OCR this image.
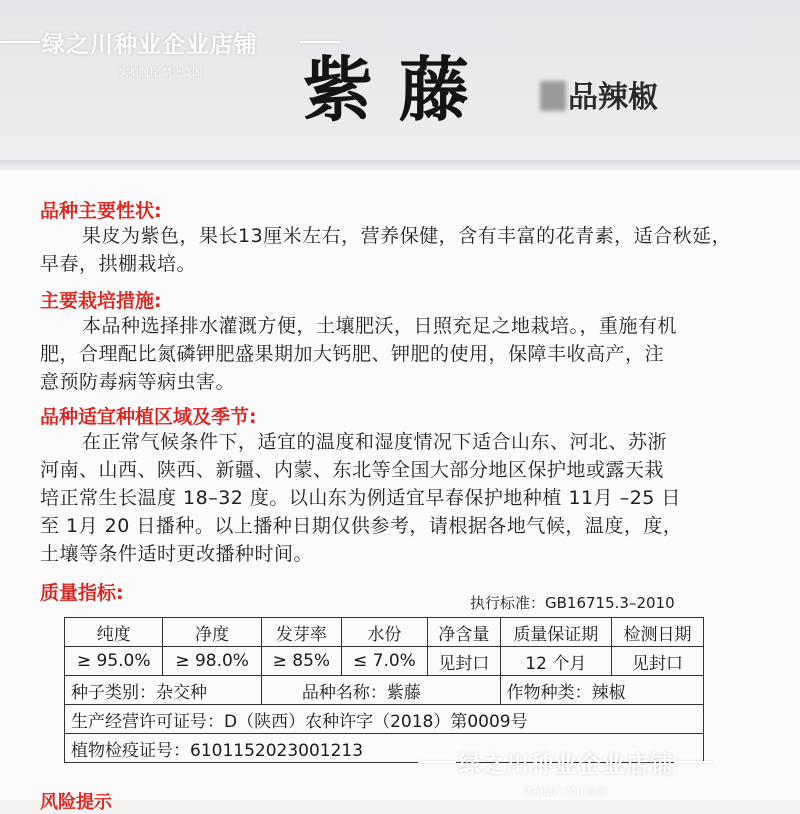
绿之川种业企业店铺
实拍图片 禁止盗图 紫藤	品辣椒
品种主要性状:
果皮为紫色，果长13厘米左右，营养保健，含有丰富的花青素，适合秋延，
早春，拱棚栽培。
主要栽培措施:
本品种选择排水灌溉方便，土壤肥沃，日照充足之地栽培。，重施有机
肥，合理配比氮磷钾肥盛果期加大钙肥、钾肥的使用，保障丰收高产，注
意预防毒病等病虫害。
品种适宜种植区域及季节:
在正常气候条件下，适宜的温度和湿度情况下适合山东、河北、苏浙
河南、山西、陕西、新疆、内蒙、东北等全国大部分地区保护地或露天栽
培正常生长温度 18–32 度。以山东为例适宜早春保护地种植 11月 –25 日
至 1月 20 日播种。以上播种日期仅供参考，请根据各地气候，温度，度，
土壤等条件适时更改播种时间。
质量指标:	执行标准：GB16715.3–2010
纯度	净度	发芽率	水份	净含量	质量保证期	检测日期
≥ 95.0%	≥ 98.0%	≥ 85%	≤ 7.0%	见封口	12 个月	见封口
种子类别：杂交种		品种名称：紫藤			作物种类：辣椒	
生产经营许可证号：D（陕西）农种许字（2018）第0009号						
植物检疫证号：6101152023001213						
绿之川种业企业店铺
实拍图片 禁止盗图
风险提示
